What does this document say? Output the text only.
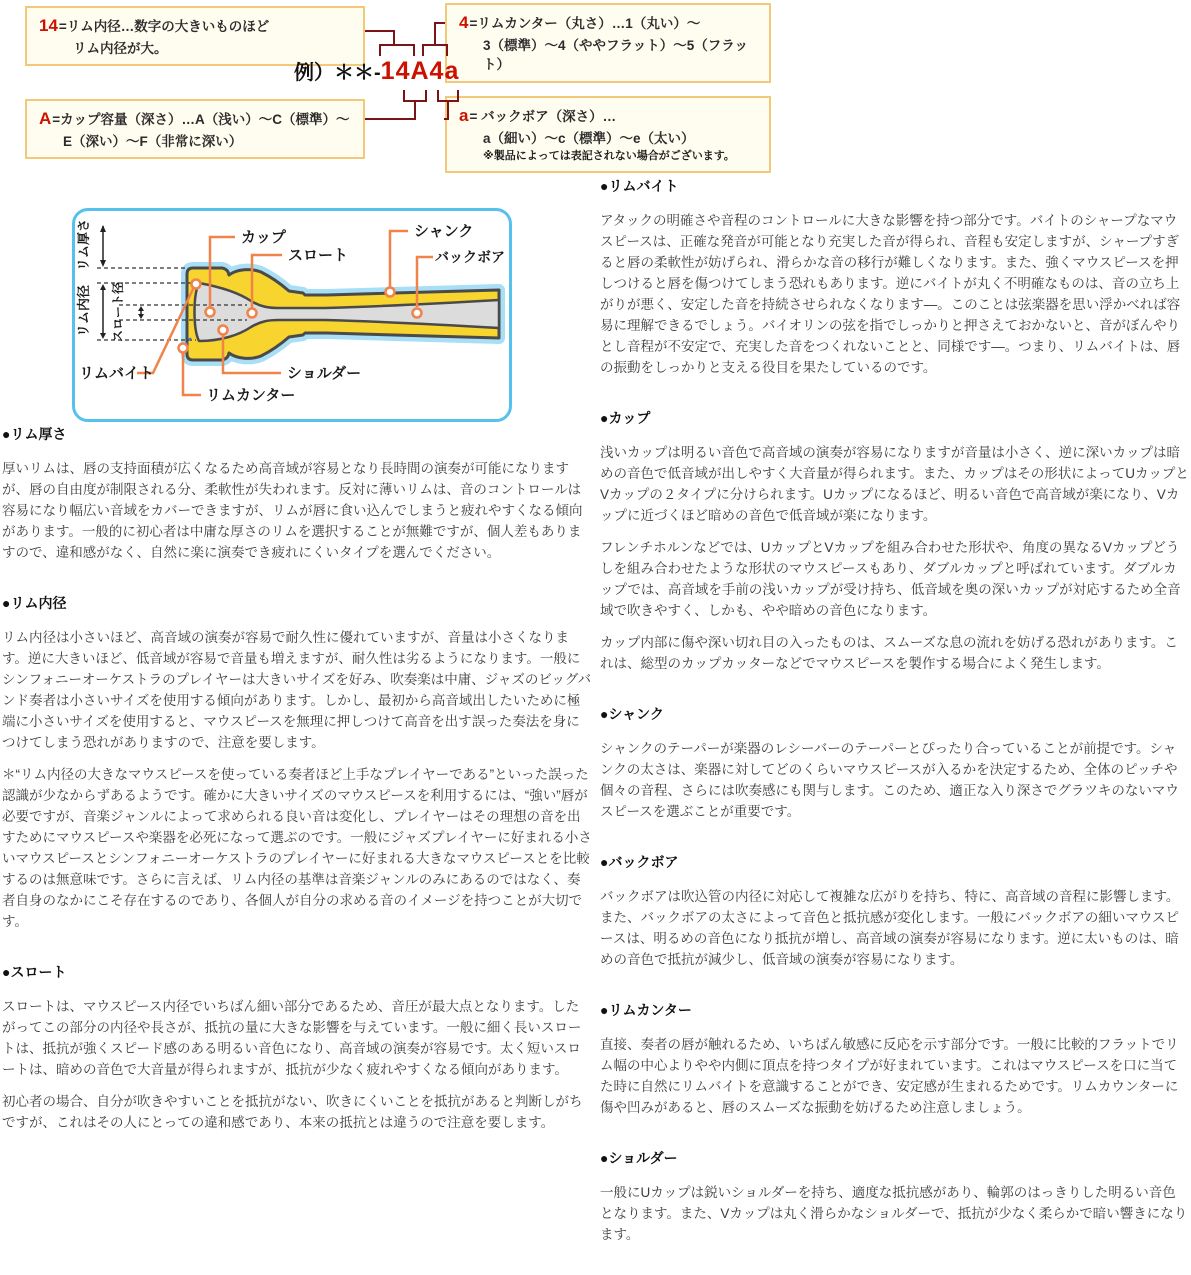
14=リム内径…数字の大きいものほど
リム内径が大。
4=リムカンター（丸さ）…1（丸い）～
3（標準）～4（ややフラット）～5（フラット）
A=カップ容量（深さ）…A（浅い）～C（標準）～
E（深い）～F（非常に深い）
a= バックボア（深さ）…
a（細い）～c（標準）～e（太い）
※製品によっては表記されない場合がございます。
例）＊＊- 14A4a
リム厚さ
リム内径 スロート径
カップ
スロート
シャンク
バックボア
リムバイト
リムカンター
ショルダー
●リム厚さ

厚いリムは、唇の支持面積が広くなるため高音域が容易となり長時間の演奏が可能になりますが、唇の自由度が制限される分、柔軟性が失われます。反対に薄いリムは、音のコントロールは容易になり幅広い音域をカバーできますが、リムが唇に食い込んでしまうと疲れやすくなる傾向があります。一般的に初心者は中庸な厚さのリムを選択することが無難ですが、個人差もありますので、違和感がなく、自然に楽に演奏でき疲れにくいタイプを選んでください。

●リム内径

リム内径は小さいほど、高音域の演奏が容易で耐久性に優れていますが、音量は小さくなります。逆に大きいほど、低音域が容易で音量も増えますが、耐久性は劣るようになります。一般にシンフォニーオーケストラのプレイヤーは大きいサイズを好み、吹奏楽は中庸、ジャズのビッグバンド奏者は小さいサイズを使用する傾向があります。しかし、最初から高音域出したいために極端に小さいサイズを使用すると、マウスピースを無理に押しつけて高音を出す誤った奏法を身につけてしまう恐れがありますので、注意を要します。

＊“リム内径の大きなマウスピースを使っている奏者ほど上手なプレイヤーである”といった誤った認識が少なからずあるようです。確かに大きいサイズのマウスピースを利用するには、“強い”唇が必要ですが、音楽ジャンルによって求められる良い音は変化し、プレイヤーはその理想の音を出すためにマウスピースや楽器を必死になって選ぶのです。一般にジャズプレイヤーに好まれる小さいマウスピースとシンフォニーオーケストラのプレイヤーに好まれる大きなマウスピースとを比較するのは無意味です。さらに言えば、リム内径の基準は音楽ジャンルのみにあるのではなく、奏者自身のなかにこそ存在するのであり、各個人が自分の求める音のイメージを持つことが大切です。

●スロート

スロートは、マウスピース内径でいちばん細い部分であるため、音圧が最大点となります。したがってこの部分の内径や長さが、抵抗の量に大きな影響を与えています。一般に細く長いスロートは、抵抗が強くスピード感のある明るい音色になり、高音域の演奏が容易です。太く短いスロートは、暗めの音色で大音量が得られますが、抵抗が少なく疲れやすくなる傾向があります。

初心者の場合、自分が吹きやすいことを抵抗がない、吹きにくいことを抵抗があると判断しがちですが、これはその人にとっての違和感であり、本来の抵抗とは違うので注意を要します。

●リムバイト

アタックの明確さや音程のコントロールに大きな影響を持つ部分です。バイトのシャープなマウスピースは、正確な発音が可能となり充実した音が得られ、音程も安定しますが、シャープすぎると唇の柔軟性が妨げられ、滑らかな音の移行が難しくなります。また、強くマウスピースを押しつけると唇を傷つけてしまう恐れもあります。逆にバイトが丸く不明確なものは、音の立ち上がりが悪く、安定した音を持続させられなくなります―。このことは弦楽器を思い浮かべれば容易に理解できるでしょう。バイオリンの弦を指でしっかりと押さえておかないと、音がぼんやりとし音程が不安定で、充実した音をつくれないことと、同様です―。つまり、リムバイトは、唇の振動をしっかりと支える役目を果たしているのです。

●カップ

浅いカップは明るい音色で高音域の演奏が容易になりますが音量は小さく、逆に深いカップは暗めの音色で低音域が出しやすく大音量が得られます。また、カップはその形状によってUカップとVカップの２タイプに分けられます。Uカップになるほど、明るい音色で高音域が楽になり、Vカップに近づくほど暗めの音色で低音域が楽になります。

フレンチホルンなどでは、UカップとVカップを組み合わせた形状や、角度の異なるVカップどうしを組み合わせたような形状のマウスピースもあり、ダブルカップと呼ばれています。ダブルカップでは、高音域を手前の浅いカップが受け持ち、低音域を奥の深いカップが対応するため全音域で吹きやすく、しかも、やや暗めの音色になります。

カップ内部に傷や深い切れ目の入ったものは、スムーズな息の流れを妨げる恐れがあります。これは、総型のカップカッターなどでマウスピースを製作する場合によく発生します。

●シャンク

シャンクのテーパーが楽器のレシーバーのテーパーとぴったり合っていることが前提です。シャンクの太さは、楽器に対してどのくらいマウスピースが入るかを決定するため、全体のピッチや個々の音程、さらには吹奏感にも関与します。このため、適正な入り深さでグラツキのないマウスピースを選ぶことが重要です。

●バックボア

バックボアは吹込管の内径に対応して複雑な広がりを持ち、特に、高音域の音程に影響します。また、バックボアの太さによって音色と抵抗感が変化します。一般にバックボアの細いマウスピースは、明るめの音色になり抵抗が増し、高音域の演奏が容易になります。逆に太いものは、暗めの音色で抵抗が減少し、低音域の演奏が容易になります。

●リムカンター

直接、奏者の唇が触れるため、いちばん敏感に反応を示す部分です。一般に比較的フラットでリム幅の中心よりやや内側に頂点を持つタイプが好まれています。これはマウスピースを口に当てた時に自然にリムバイトを意識することができ、安定感が生まれるためです。リムカウンターに傷や凹みがあると、唇のスムーズな振動を妨げるため注意しましょう。

●ショルダー

一般にUカップは鋭いショルダーを持ち、適度な抵抗感があり、輪郭のはっきりした明るい音色となります。また、Vカップは丸く滑らかなショルダーで、抵抗が少なく柔らかで暗い響きになります。
